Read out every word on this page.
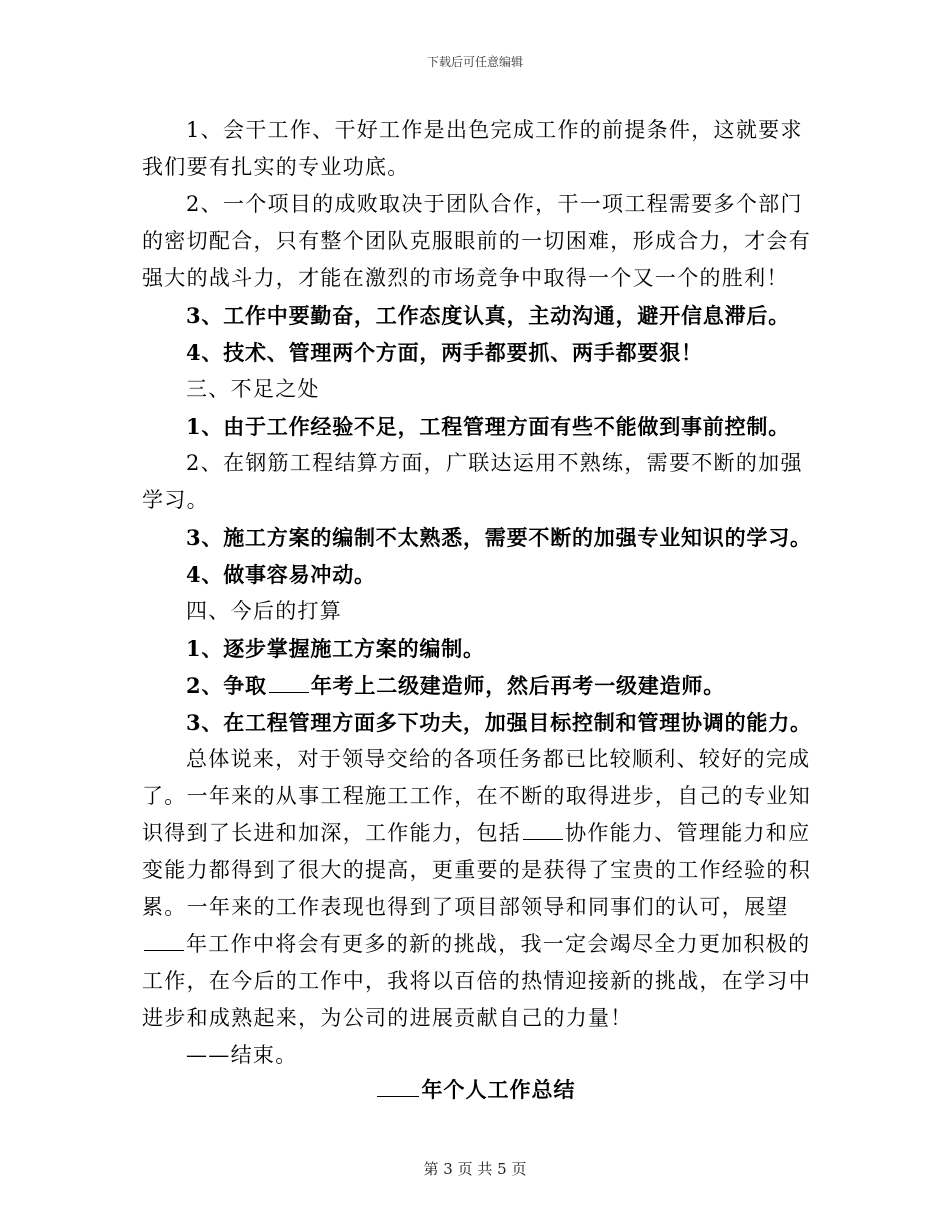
下载后可任意编辑

1、会干工作、干好工作是出色完成工作的前提条件，这就要求我们要有扎实的专业功底。

2、一个项目的成败取决于团队合作，干一项工程需要多个部门的密切配合，只有整个团队克服眼前的一切困难，形成合力，才会有强大的战斗力，才能在激烈的市场竞争中取得一个又一个的胜利！

3、工作中要勤奋，工作态度认真，主动沟通，避开信息滞后。

4、技术、管理两个方面，两手都要抓、两手都要狠！

三、不足之处

1、由于工作经验不足，工程管理方面有些不能做到事前控制。

2、在钢筋工程结算方面，广联达运用不熟练，需要不断的加强学习。

3、施工方案的编制不太熟悉，需要不断的加强专业知识的学习。

4、做事容易冲动。

四、今后的打算

1、逐步掌握施工方案的编制。

2、争取 年考上二级建造师，然后再考一级建造师。

3、在工程管理方面多下功夫，加强目标控制和管理协调的能力。

总体说来，对于领导交给的各项任务都已比较顺利、较好的完成了。一年来的从事工程施工工作，在不断的取得进步，自己的专业知识得到了长进和加深，工作能力，包括 协作能力、管理能力和应变能力都得到了很大的提高，更重要的是获得了宝贵的工作经验的积累。一年来的工作表现也得到了项目部领导和同事们的认可，展望年工作中将会有更多的新的挑战，我一定会竭尽全力更加积极的工作，在今后的工作中，我将以百倍的热情迎接新的挑战，在学习中进步和成熟起来，为公司的进展贡献自己的力量！

——结束。

年个人工作总结
第 3 页 共 5 页
